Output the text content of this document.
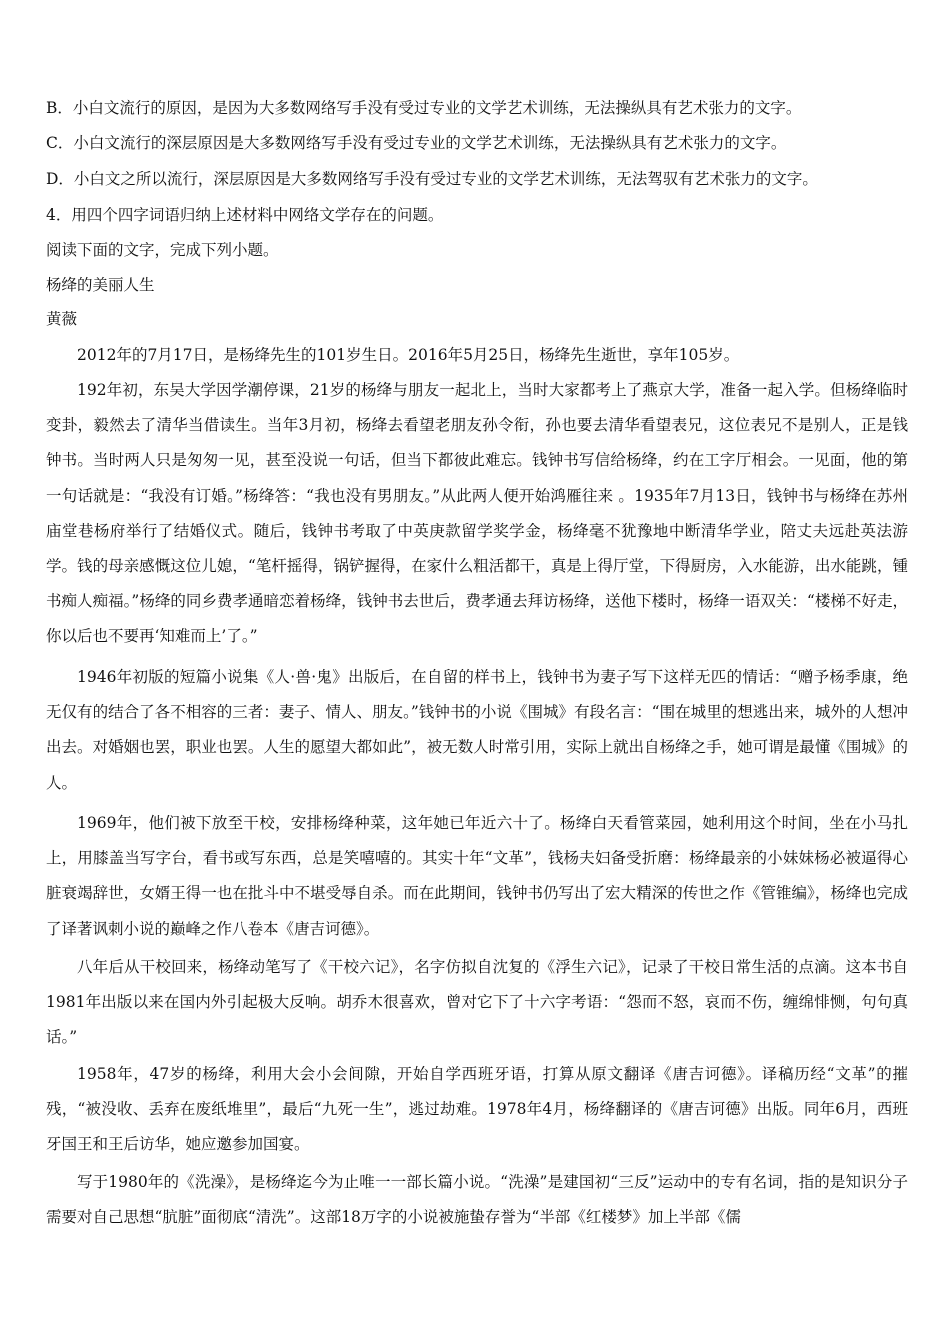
B．小白文流行的原因，是因为大多数网络写手没有受过专业的文学艺术训练，无法操纵具有艺术张力的文字。
C．小白文流行的深层原因是大多数网络写手没有受过专业的文学艺术训练，无法操纵具有艺术张力的文字。
D．小白文之所以流行，深层原因是大多数网络写手没有受过专业的文学艺术训练，无法驾驭有艺术张力的文字。
4．用四个四字词语归纳上述材料中网络文学存在的问题。
阅读下面的文字，完成下列小题。
杨绛的美丽人生
黄薇
2012年的7月17日，是杨绛先生的101岁生日。2016年5月25日，杨绛先生逝世，享年105岁。
192年初，东吴大学因学潮停课，21岁的杨绛与朋友一起北上，当时大家都考上了燕京大学，准备一起入学。但杨绛临时变卦，毅然去了清华当借读生。当年3月初，杨绛去看望老朋友孙令衔，孙也要去清华看望表兄，这位表兄不是别人，正是钱钟书。当时两人只是匆匆一见，甚至没说一句话，但当下都彼此难忘。钱钟书写信给杨绛，约在工字厅相会。一见面，他的第一句话就是：“我没有订婚。”杨绛答：“我也没有男朋友。”从此两人便开始鸿雁往来 。1935年7月13日，钱钟书与杨绛在苏州庙堂巷杨府举行了结婚仪式。随后，钱钟书考取了中英庚款留学奖学金，杨绛毫不犹豫地中断清华学业，陪丈夫远赴英法游学。钱的母亲感慨这位儿媳，“笔杆摇得，锅铲握得，在家什么粗活都干，真是上得厅堂，下得厨房，入水能游，出水能跳，锺书痴人痴福。”杨绛的同乡费孝通暗恋着杨绛，钱钟书去世后，费孝通去拜访杨绛，送他下楼时，杨绛一语双关：“楼梯不好走，你以后也不要再‘知难而上’了。”
1946年初版的短篇小说集《人·兽·鬼》出版后，在自留的样书上，钱钟书为妻子写下这样无匹的情话：“赠予杨季康，绝无仅有的结合了各不相容的三者：妻子、情人、朋友。”钱钟书的小说《围城》有段名言：“围在城里的想逃出来，城外的人想冲出去。对婚姻也罢，职业也罢。人生的愿望大都如此”，被无数人时常引用，实际上就出自杨绛之手，她可谓是最懂《围城》的人。
1969年，他们被下放至干校，安排杨绛种菜，这年她已年近六十了。杨绛白天看管菜园，她利用这个时间，坐在小马扎上，用膝盖当写字台，看书或写东西，总是笑嘻嘻的。其实十年“文革”，钱杨夫妇备受折磨：杨绛最亲的小妹妹杨必被逼得心脏衰竭辞世，女婿王得一也在批斗中不堪受辱自杀。而在此期间，钱钟书仍写出了宏大精深的传世之作《管锥编》，杨绛也完成了译著讽刺小说的巅峰之作八卷本《唐吉诃德》。
八年后从干校回来，杨绛动笔写了《干校六记》，名字仿拟自沈复的《浮生六记》，记录了干校日常生活的点滴。这本书自1981年出版以来在国内外引起极大反响。胡乔木很喜欢，曾对它下了十六字考语：“怨而不怒，哀而不伤，缠绵悱恻，句句真话。”
1958年，47岁的杨绛，利用大会小会间隙，开始自学西班牙语，打算从原文翻译《唐吉诃德》。译稿历经“文革”的摧残，“被没收、丢弃在废纸堆里”，最后“九死一生”，逃过劫难。1978年4月，杨绛翻译的《唐吉诃德》出版。同年6月，西班牙国王和王后访华，她应邀参加国宴。
写于1980年的《洗澡》，是杨绛迄今为止唯一一部长篇小说。“洗澡”是建国初“三反”运动中的专有名词，指的是知识分子需要对自己思想“肮脏”面彻底“清洗”。这部18万字的小说被施蛰存誉为“半部《红楼梦》加上半部《儒
